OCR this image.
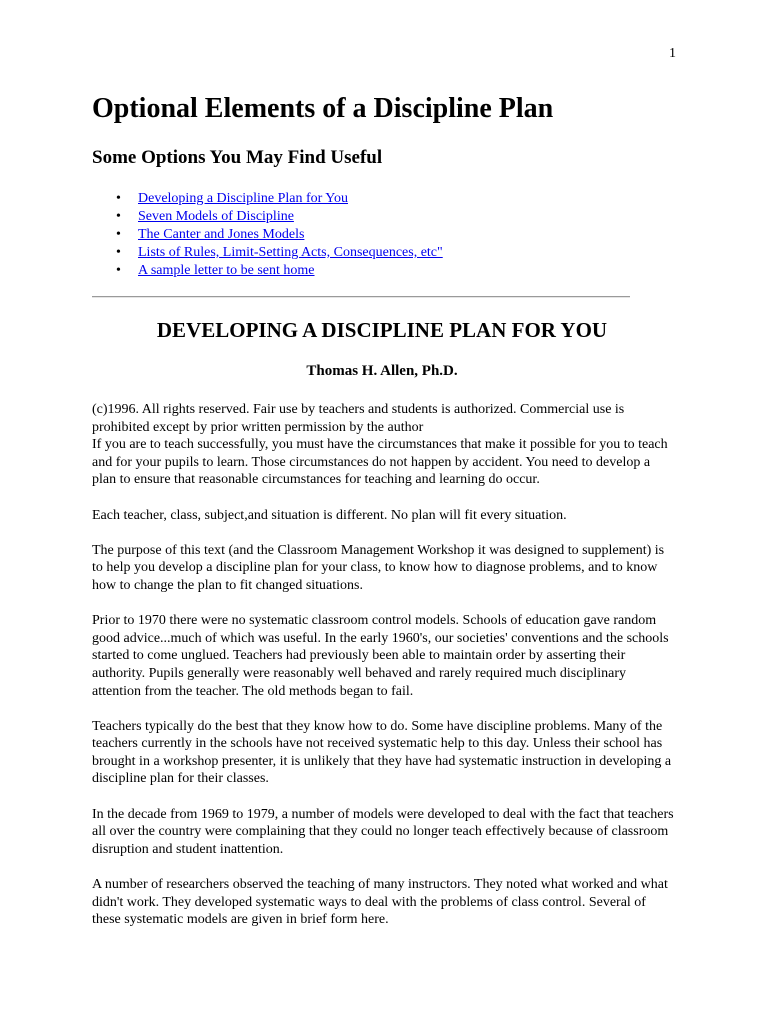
1
Optional Elements of a Discipline Plan
Some Options You May Find Useful
• Developing a Discipline Plan for You
• Seven Models of Discipline
• The Canter and Jones Models
• Lists of Rules, Limit-Setting Acts, Consequences, etc"
• A sample letter to be sent home
DEVELOPING A DISCIPLINE PLAN FOR YOU
Thomas H. Allen, Ph.D.

(c)1996. All rights reserved. Fair use by teachers and students is authorized. Commercial use is prohibited except by prior written permission by the author

If you are to teach successfully, you must have the circumstances that make it possible for you to teach and for your pupils to learn. Those circumstances do not happen by accident. You need to develop a plan to ensure that reasonable circumstances for teaching and learning do occur.

Each teacher, class, subject,and situation is different. No plan will fit every situation.

The purpose of this text (and the Classroom Management Workshop it was designed to supplement) is to help you develop a discipline plan for your class, to know how to diagnose problems, and to know how to change the plan to fit changed situations.

Prior to 1970 there were no systematic classroom control models. Schools of education gave random good advice...much of which was useful. In the early 1960's, our societies' conventions and the schools started to come unglued. Teachers had previously been able to maintain order by asserting their authority. Pupils generally were reasonably well behaved and rarely required much disciplinary attention from the teacher. The old methods began to fail.

Teachers typically do the best that they know how to do. Some have discipline problems. Many of the teachers currently in the schools have not received systematic help to this day. Unless their school has brought in a workshop presenter, it is unlikely that they have had systematic instruction in developing a discipline plan for their classes.

In the decade from 1969 to 1979, a number of models were developed to deal with the fact that teachers all over the country were complaining that they could no longer teach effectively because of classroom disruption and student inattention.

A number of researchers observed the teaching of many instructors. They noted what worked and what didn't work. They developed systematic ways to deal with the problems of class control. Several of these systematic models are given in brief form here.
